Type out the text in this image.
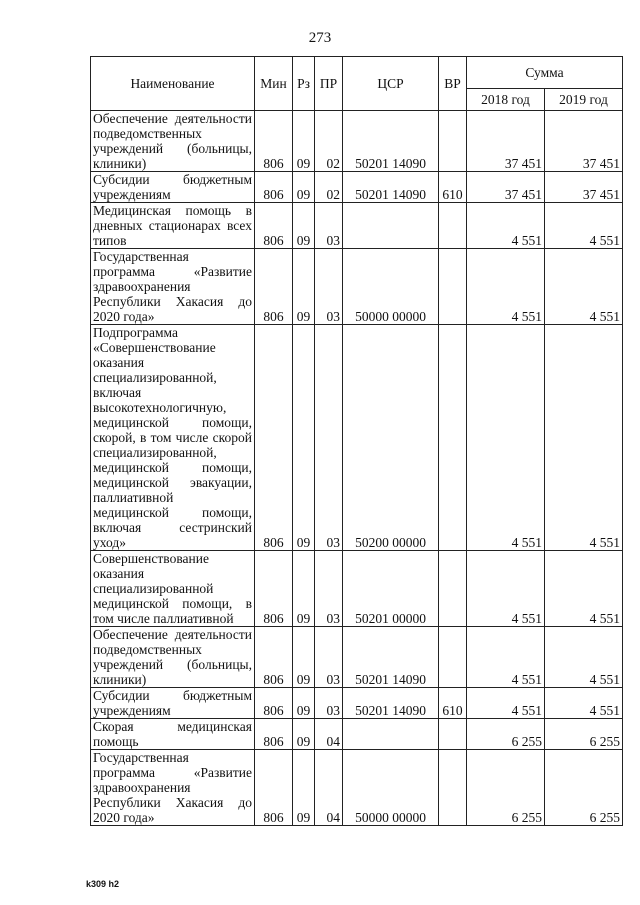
273
Наименование	Мин	Рз	ПР	ЦСР	ВР	Сумма	
						2018 год	2019 год
Обеспечение деятельности подведомственных учреждений (больницы, клиники)	806	09	02	50201 14090		37 451	37 451
Субсидии бюджетным учреждениям	806	09	02	50201 14090	610	37 451	37 451
Медицинская помощь в дневных стационарах всех типов	806	09	03			4 551	4 551
Государственная программа «Развитие здравоохранения Республики Хакасия до 2020 года»	806	09	03	50000 00000		4 551	4 551
Подпрограмма «Совершенствование оказания специализированной, включая высокотехнологичную, медицинской помощи, скорой, в том числе скорой специализированной, медицинской помощи, медицинской эвакуации, паллиативной медицинской помощи, включая сестринский уход»	806	09	03	50200 00000		4 551	4 551
Совершенствование оказания специализированной медицинской помощи, в том числе паллиативной	806	09	03	50201 00000		4 551	4 551
Обеспечение деятельности подведомственных учреждений (больницы, клиники)	806	09	03	50201 14090		4 551	4 551
Субсидии бюджетным учреждениям	806	09	03	50201 14090	610	4 551	4 551
Скорая медицинская помощь	806	09	04			6 255	6 255
Государственная программа «Развитие здравоохранения Республики Хакасия до 2020 года»	806	09	04	50000 00000		6 255	6 255
k309 h2
